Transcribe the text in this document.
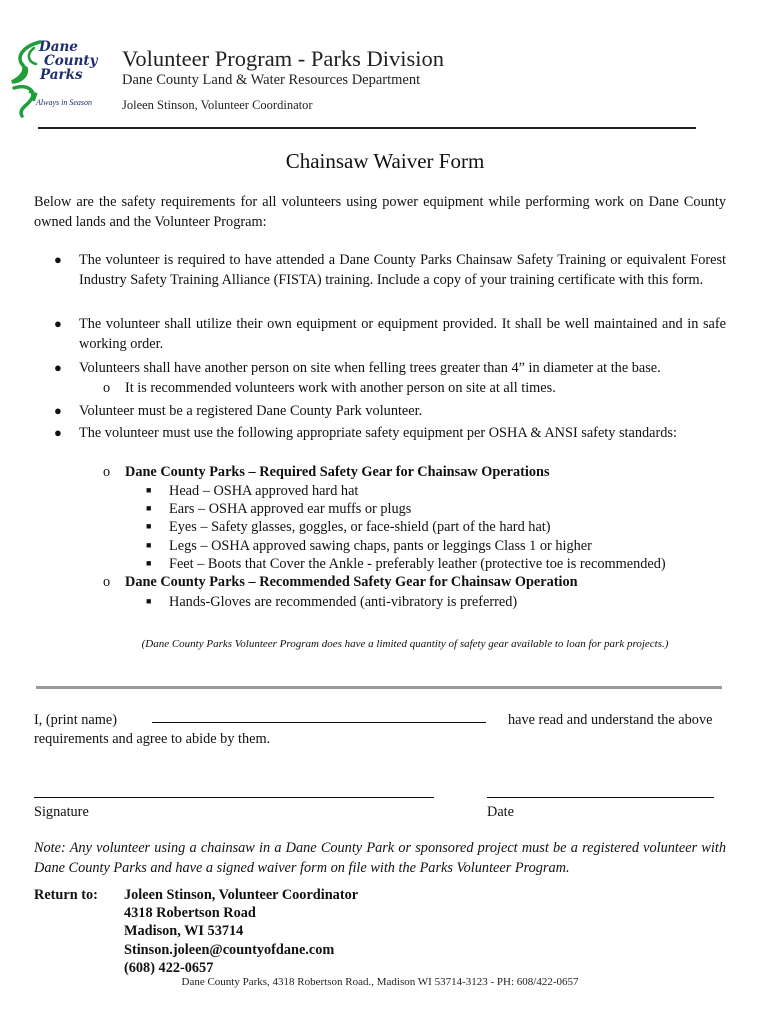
Dane
County
Parks
Always in Season
Volunteer Program - Parks Division
Dane County Land & Water Resources Department
Joleen Stinson, Volunteer Coordinator
Chainsaw Waiver Form
Below are the safety requirements for all volunteers using power equipment while performing work on Dane County owned lands and the Volunteer Program:
● The volunteer is required to have attended a Dane County Parks Chainsaw Safety Training or equivalent Forest Industry Safety Training Alliance (FISTA) training. Include a copy of your training certificate with this form.
● The volunteer shall utilize their own equipment or equipment provided. It shall be well maintained and in safe working order.
● Volunteers shall have another person on site when felling trees greater than 4” in diameter at the base.
o It is recommended volunteers work with another person on site at all times.
● Volunteer must be a registered Dane County Park volunteer.
● The volunteer must use the following appropriate safety equipment per OSHA & ANSI safety standards:
o Dane County Parks – Required Safety Gear for Chainsaw Operations
■ Head – OSHA approved hard hat
■ Ears – OSHA approved ear muffs or plugs
■ Eyes – Safety glasses, goggles, or face-shield (part of the hard hat)
■ Legs – OSHA approved sawing chaps, pants or leggings Class 1 or higher
■ Feet – Boots that Cover the Ankle - preferably leather (protective toe is recommended)
o Dane County Parks – Recommended Safety Gear for Chainsaw Operation
■ Hands-Gloves are recommended (anti-vibratory is preferred)
(Dane County Parks Volunteer Program does have a limited quantity of safety gear available to loan for park projects.)
I, (print name)	have read and understand the above
requirements and agree to abide by them.
Signature	Date
Note: Any volunteer using a chainsaw in a Dane County Park or sponsored project must be a registered volunteer with Dane County Parks and have a signed waiver form on file with the Parks Volunteer Program.
Return to: Joleen Stinson, Volunteer Coordinator
4318 Robertson Road
Madison, WI 53714
Stinson.joleen@countyofdane.com
(608) 422-0657
Dane County Parks, 4318 Robertson Road., Madison WI 53714-3123 - PH: 608/422-0657
